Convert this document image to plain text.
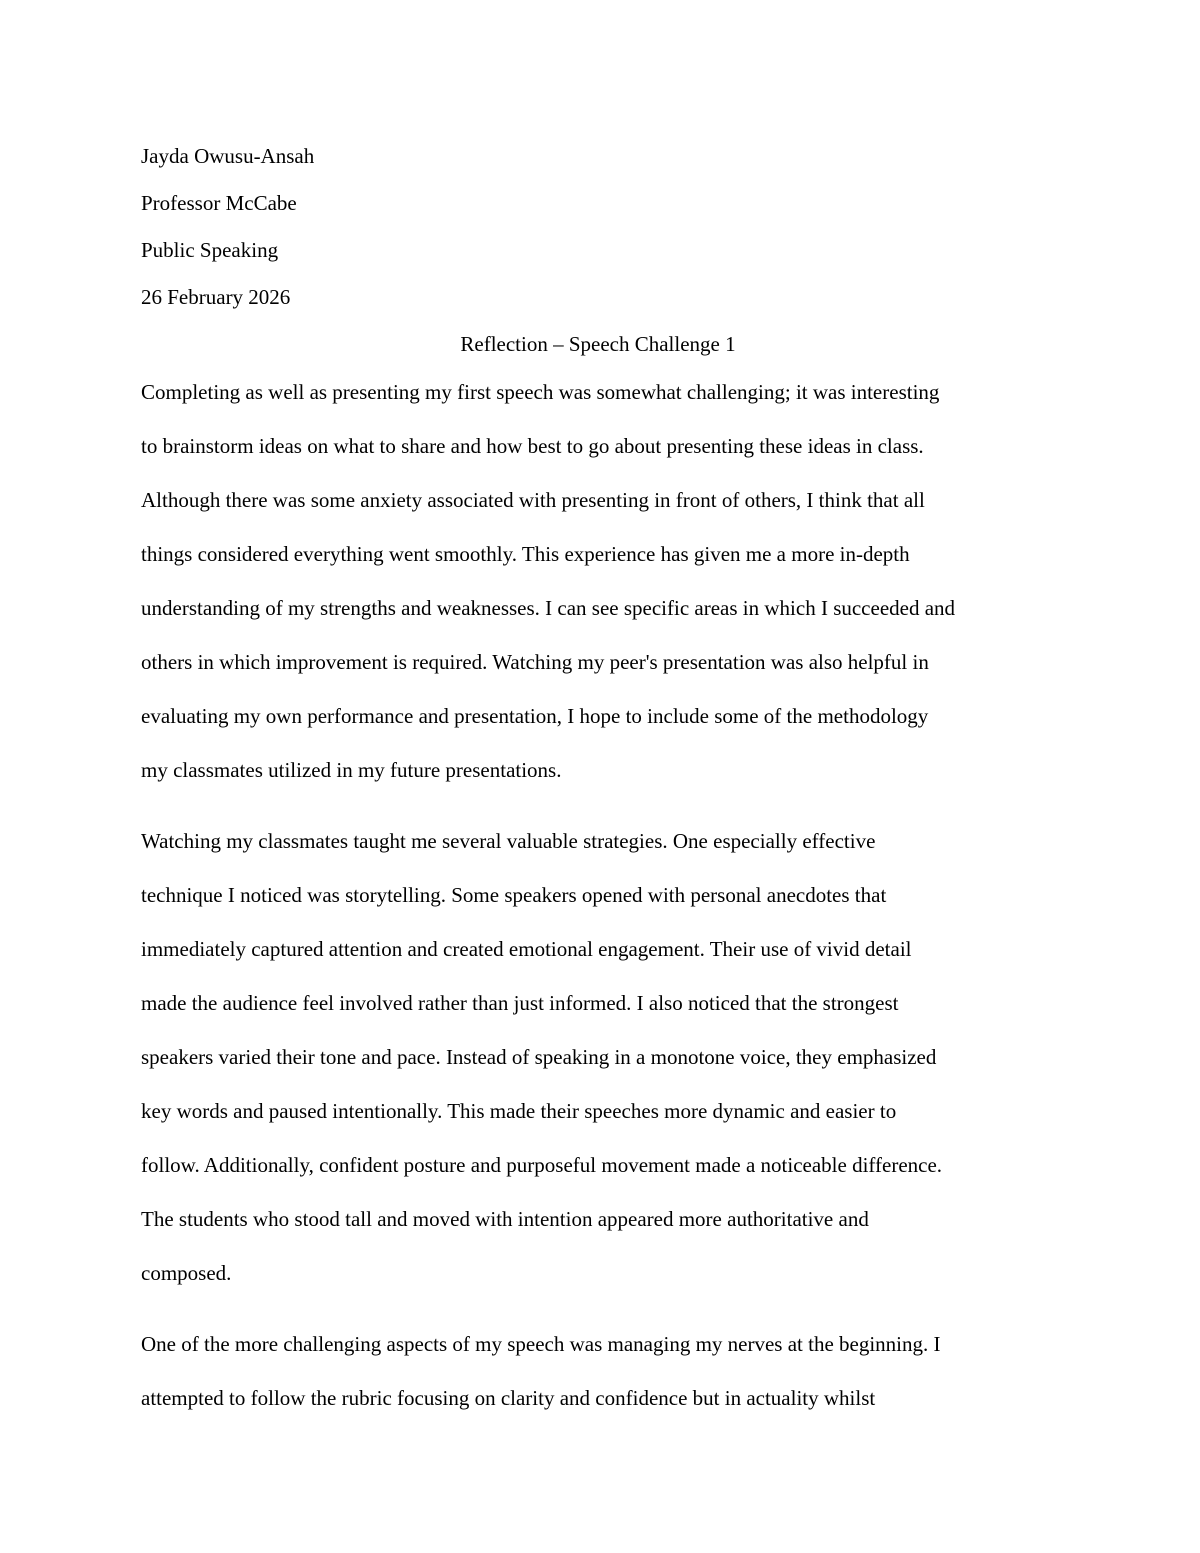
Jayda Owusu-Ansah
Professor McCabe
Public Speaking
26 February 2026
Reflection – Speech Challenge 1
Completing as well as presenting my first speech was somewhat challenging; it was interesting
to brainstorm ideas on what to share and how best to go about presenting these ideas in class.
Although there was some anxiety associated with presenting in front of others, I think that all
things considered everything went smoothly. This experience has given me a more in-depth
understanding of my strengths and weaknesses. I can see specific areas in which I succeeded and
others in which improvement is required. Watching my peer's presentation was also helpful in
evaluating my own performance and presentation, I hope to include some of the methodology
my classmates utilized in my future presentations.
Watching my classmates taught me several valuable strategies. One especially effective
technique I noticed was storytelling. Some speakers opened with personal anecdotes that
immediately captured attention and created emotional engagement. Their use of vivid detail
made the audience feel involved rather than just informed. I also noticed that the strongest
speakers varied their tone and pace. Instead of speaking in a monotone voice, they emphasized
key words and paused intentionally. This made their speeches more dynamic and easier to
follow. Additionally, confident posture and purposeful movement made a noticeable difference.
The students who stood tall and moved with intention appeared more authoritative and
composed.
One of the more challenging aspects of my speech was managing my nerves at the beginning. I
attempted to follow the rubric focusing on clarity and confidence but in actuality whilst
